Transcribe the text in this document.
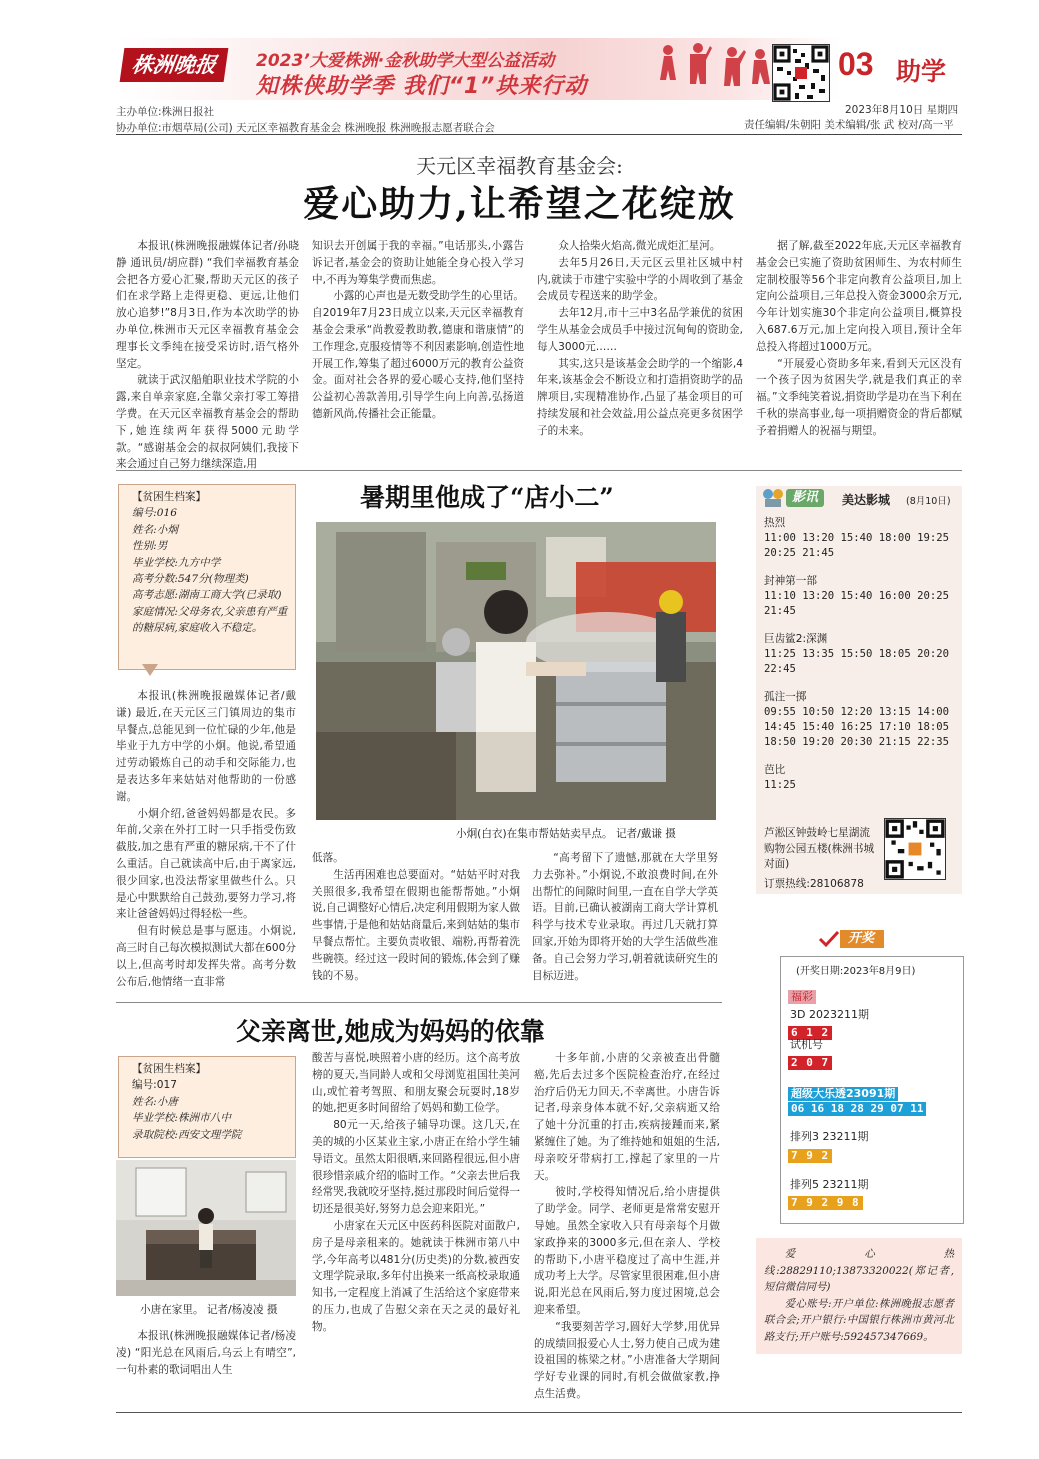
株洲晚报	2023’大爱株洲·金秋助学大型公益活动
知株侠助学季 我们“1”块来行动
03 助学
主办单位:株洲日报社
协办单位:市烟草局(公司) 天元区幸福教育基金会 株洲晚报 株洲晚报志愿者联合会
2023年8月10日 星期四
责任编辑/朱朝阳 美术编辑/张 武 校对/高一平
天元区幸福教育基金会:
爱心助力,让希望之花绽放

本报讯(株洲晚报融媒体记者/孙晓静 通讯员/胡应群) “我们幸福教育基金会把各方爱心汇聚,帮助天元区的孩子们在求学路上走得更稳、更远,让他们放心追梦!”8月3日,作为本次助学的协办单位,株洲市天元区幸福教育基金会理事长文季纯在接受采访时,语气格外坚定。

就读于武汉船舶职业技术学院的小露,来自单亲家庭,全靠父亲打零工筹措学费。在天元区幸福教育基金会的帮助下,她连续两年获得5000元助学款。“感谢基金会的叔叔阿姨们,我接下来会通过自己努力继续深造,用

知识去开创属于我的幸福。”电话那头,小露告诉记者,基金会的资助让她能全身心投入学习中,不再为筹集学费而焦虑。

小露的心声也是无数受助学生的心里话。自2019年7月23日成立以来,天元区幸福教育基金会秉承“尚教爱教助教,德康和谐康情”的工作理念,克服疫情等不利因素影响,创造性地开展工作,筹集了超过6000万元的教育公益资金。面对社会各界的爱心暖心支持,他们坚持公益初心善款善用,引导学生向上向善,弘扬道德新风尚,传播社会正能量。

众人拾柴火焰高,微光成炬汇星河。

去年5月26日,天元区云里社区城中村内,就读于市建宁实验中学的小周收到了基金会成员专程送来的助学金。

去年12月,市十三中3名品学兼优的贫困学生从基金会成员手中接过沉甸甸的资助金,每人3000元……

其实,这只是该基金会助学的一个缩影,4年来,该基金会不断设立和打造捐资助学的品牌项目,实现精准协作,凸显了基金项目的可持续发展和社会效益,用公益点亮更多贫困学子的未来。

据了解,截至2022年底,天元区幸福教育基金会已实施了资助贫困师生、为农村师生定制校服等56个非定向教育公益项目,加上定向公益项目,三年总投入资金3000余万元,今年计划实施30个非定向公益项目,概算投入687.6万元,加上定向投入项目,预计全年总投入将超过1000万元。

“开展爱心资助多年来,看到天元区没有一个孩子因为贫困失学,就是我们真正的幸福。”文季纯笑着说,捐资助学是功在当下利在千秋的崇高事业,每一项捐赠资金的背后都赋予着捐赠人的祝福与期望。

暑期里他成了“店小二”
【贫困生档案】
编号:016
姓名:小炯
性别:男
毕业学校:九方中学
高考分数:547分(物理类)
高考志愿:湖南工商大学(已录取)
家庭情况:父母务农,父亲患有严重的糖尿病,家庭收入不稳定。
小炯(白衣)在集市帮姑姑卖早点。 记者/戴谦 摄

本报讯(株洲晚报融媒体记者/戴谦) 最近,在天元区三门镇周边的集市早餐点,总能见到一位忙碌的少年,他是毕业于九方中学的小炯。他说,希望通过劳动锻炼自己的动手和交际能力,也是表达多年来姑姑对他帮助的一份感谢。

小炯介绍,爸爸妈妈都是农民。多年前,父亲在外打工时一只手指受伤致截肢,加之患有严重的糖尿病,干不了什么重活。自己就读高中后,由于离家远,很少回家,也没法帮家里做些什么。只是心中默默给自己鼓劲,要努力学习,将来让爸爸妈妈过得轻松一些。

但有时候总是事与愿违。小炯说,高三时自己每次模拟测试大都在600分以上,但高考时却发挥失常。高考分数公布后,他情绪一直非常

低落。

生活再困难也总要面对。“姑姑平时对我关照很多,我希望在假期也能帮帮她。”小炯说,自己调整好心情后,决定利用假期为家人做些事情,于是他和姑姑商量后,来到姑姑的集市早餐点帮忙。主要负责收银、端粉,再帮着洗些碗筷。经过这一段时间的锻炼,体会到了赚钱的不易。

“高考留下了遗憾,那就在大学里努力去弥补。”小炯说,不敢浪费时间,在外出帮忙的间隙时间里,一直在自学大学英语。目前,已确认被湖南工商大学计算机科学与技术专业录取。再过几天就打算回家,开始为即将开始的大学生活做些准备。自己会努力学习,朝着就读研究生的目标迈进。

影讯	美达影城 (8月10日)
热烈
11:00 13:20 15:40 18:00 19:25
20:25 21:45
封神第一部
11:10 13:20 15:40 16:00 20:25
21:45
巨齿鲨2:深渊
11:25 13:35 15:50 18:05 20:20
22:45
孤注一掷
09:55 10:50 12:20 13:15 14:00
14:45 15:40 16:25 17:10 18:05
18:50 19:20 20:30 21:15 22:35
芭比
11:25
芦淞区钟鼓岭七星湖流购物公园五楼(株洲书城对面)
订票热线:28106878
开奖
(开奖日期:2023年8月9日)
福彩
3D 2023211期
6 1 2
试机号
2 0 7
超级大乐透23091期
06 16 18 28 29 07 11
排列3 23211期
7 9 2
排列5 23211期
7 9 2 9 8
爱心热线:28829110;13873320022(郑记者,短信微信同号)
爱心账号:开户单位:株洲晚报志愿者联合会;开户银行:中国银行株洲市黄河北路支行;开户账号:592457347669。
父亲离世,她成为妈妈的依靠
【贫困生档案】
编号:017
姓名:小唐
毕业学校:株洲市八中
录取院校:西安文理学院
小唐在家里。 记者/杨凌凌 摄

本报讯(株洲晚报融媒体记者/杨凌凌) “阳光总在风雨后,乌云上有晴空”,一句朴素的歌词唱出人生

酸苦与喜悦,映照着小唐的经历。这个高考放榜的夏天,当同龄人或和父母浏览祖国壮美河山,或忙着考驾照、和朋友聚会玩耍时,18岁的她,把更多时间留给了妈妈和勤工俭学。

80元一天,给孩子辅导功课。这几天,在美的城的小区某业主家,小唐正在给小学生辅导语文。虽然太阳很晒,来回路程很远,但小唐很珍惜亲戚介绍的临时工作。“父亲去世后我经常哭,我就咬牙坚持,挺过那段时间后觉得一切还是很美好,努努力总会迎来阳光。”

小唐家在天元区中医药科医院对面散户,房子是母亲租来的。她就读于株洲市第八中学,今年高考以481分(历史类)的分数,被西安文理学院录取,多年付出换来一纸高校录取通知书,一定程度上消减了生活给这个家庭带来的压力,也成了告慰父亲在天之灵的最好礼物。

十多年前,小唐的父亲被查出骨髓癌,先后去过多个医院检查治疗,在经过治疗后仍无力回天,不幸离世。小唐告诉记者,母亲身体本就不好,父亲病逝又给了她十分沉重的打击,疾病接踵而来,紧紧缠住了她。为了维持她和姐姐的生活,母亲咬牙带病打工,撑起了家里的一片天。

彼时,学校得知情况后,给小唐提供了助学金。同学、老师更是常常安慰开导她。虽然全家收入只有母亲每个月做家政挣来的3000多元,但在亲人、学校的帮助下,小唐平稳度过了高中生涯,并成功考上大学。尽管家里很困难,但小唐说,阳光总在风雨后,努力度过困境,总会迎来希望。

“我要刻苦学习,圆好大学梦,用优异的成绩回报爱心人士,努力使自己成为建设祖国的栋梁之材。”小唐准备大学期间学好专业课的同时,有机会做做家教,挣点生活费。
